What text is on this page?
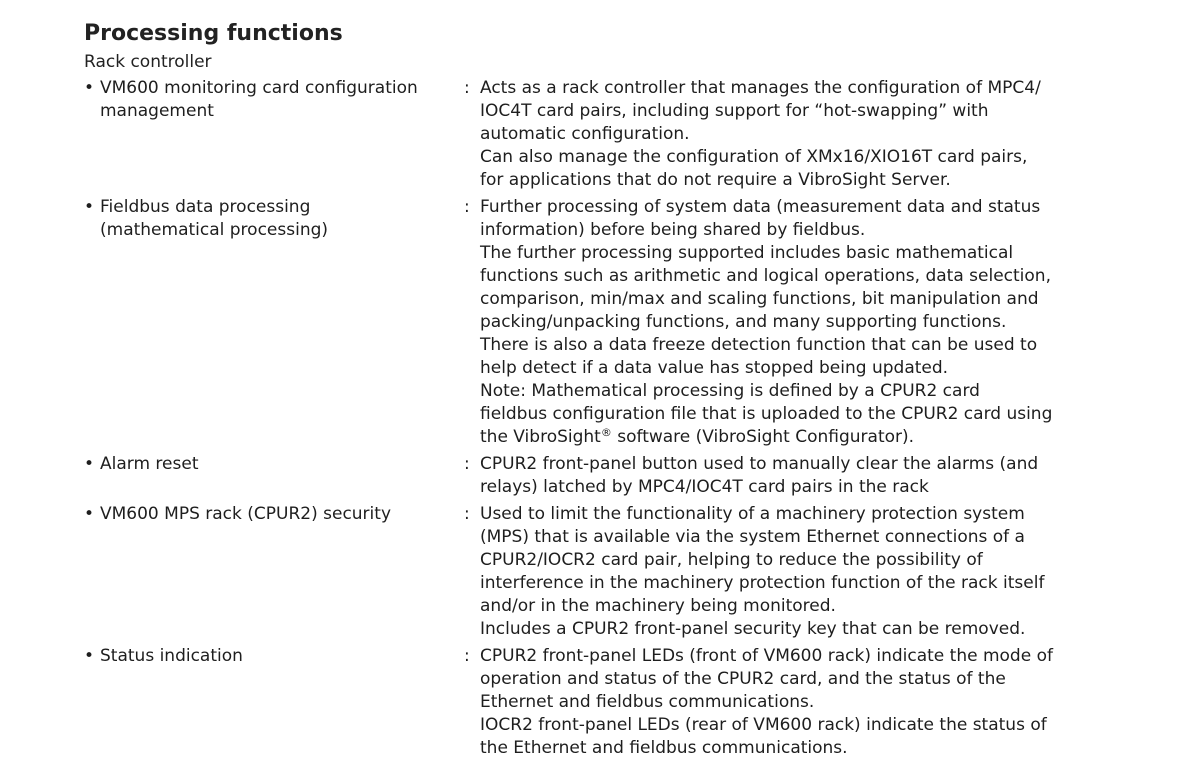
Processing functions
Rack controller
• VM600 monitoring card configuration
management
: Acts as a rack controller that manages the configuration of MPC4/
IOC4T card pairs, including support for “hot-swapping” with
automatic configuration.
Can also manage the configuration of XMx16/XIO16T card pairs,
for applications that do not require a VibroSight Server.
• Fieldbus data processing
(mathematical processing)
: Further processing of system data (measurement data and status
information) before being shared by fieldbus.
The further processing supported includes basic mathematical
functions such as arithmetic and logical operations, data selection,
comparison, min/max and scaling functions, bit manipulation and
packing/unpacking functions, and many supporting functions.
There is also a data freeze detection function that can be used to
help detect if a data value has stopped being updated.
Note: Mathematical processing is defined by a CPUR2 card
fieldbus configuration file that is uploaded to the CPUR2 card using
the VibroSight® software (VibroSight Configurator).
• Alarm reset	: CPUR2 front-panel button used to manually clear the alarms (and
relays) latched by MPC4/IOC4T card pairs in the rack
• VM600 MPS rack (CPUR2) security	: Used to limit the functionality of a machinery protection system
(MPS) that is available via the system Ethernet connections of a
CPUR2/IOCR2 card pair, helping to reduce the possibility of
interference in the machinery protection function of the rack itself
and/or in the machinery being monitored.
Includes a CPUR2 front-panel security key that can be removed.
• Status indication	: CPUR2 front-panel LEDs (front of VM600 rack) indicate the mode of
operation and status of the CPUR2 card, and the status of the
Ethernet and fieldbus communications.
IOCR2 front-panel LEDs (rear of VM600 rack) indicate the status of
the Ethernet and fieldbus communications.
